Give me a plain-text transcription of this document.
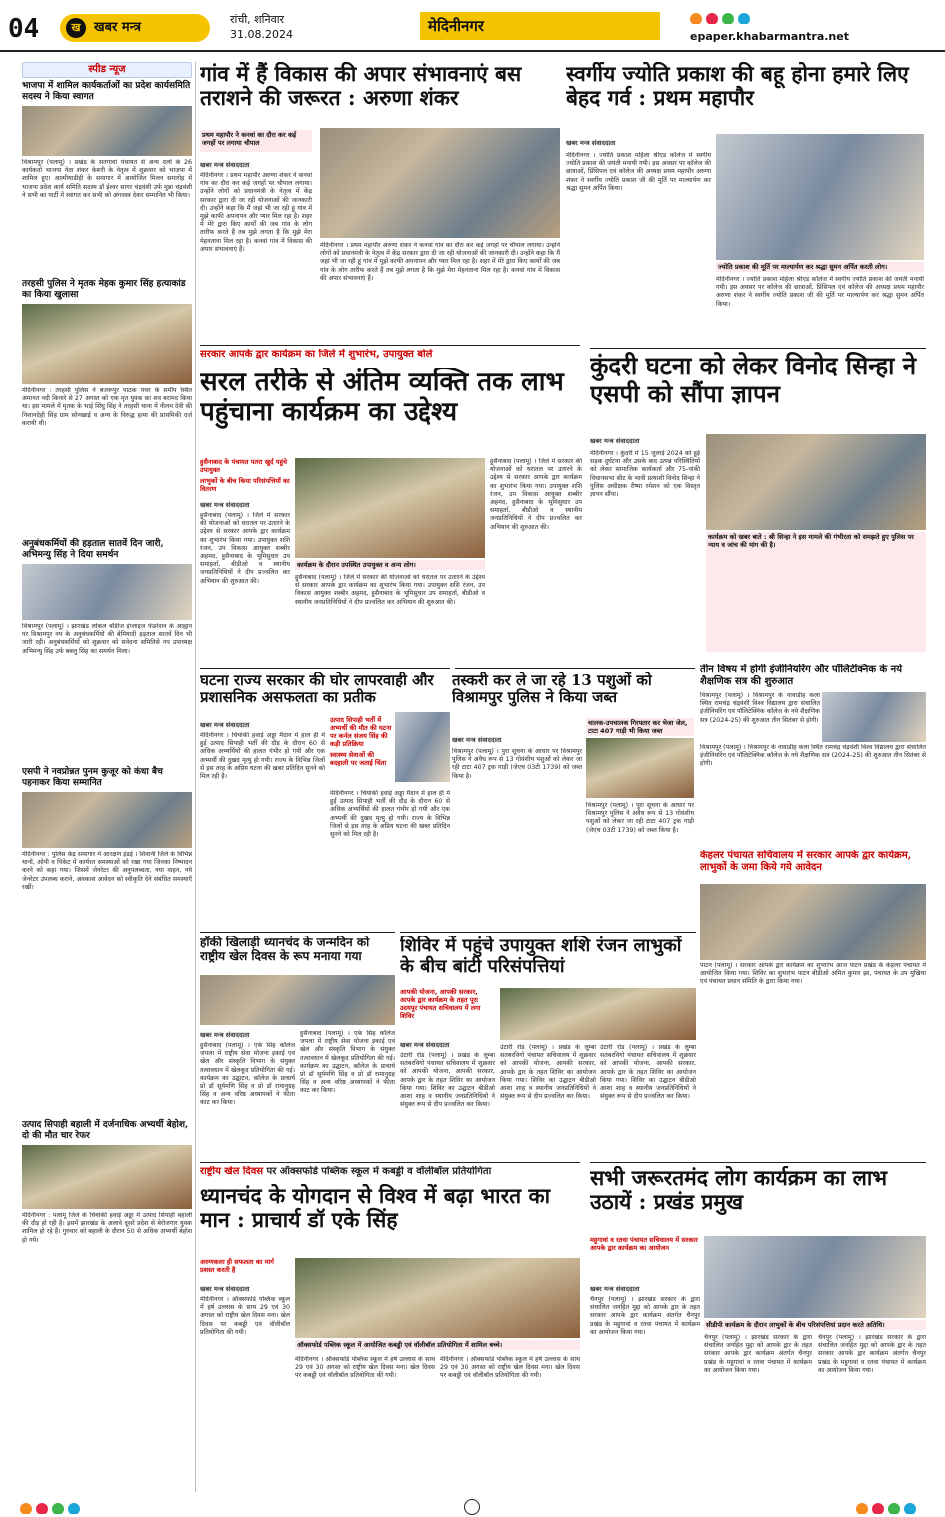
04	ख	खबर मन्त्र
रांची, शनिवार
31.08.2024	मेदिनीनगर
epaper.khabarmantra.net
स्पीड न्यूज
भाजपा में शामिल कार्यकर्ताओं का प्रदेश कार्यसमिति सदस्य ने किया स्वागत
विश्रामपुर (पलामू) । प्रखंड के सतगावां पंचायत से अन्य दलों के 26 कार्यकर्ता भाजपा नेता शंकर केशरी के नेतृत्व में शुक्रवार को भाजपा में शामिल हुए। आत्मीयाडीही के समागार में आयोजित मिलन समारोह में भाजपा प्रदेश कार्य समिति सदस्य डॉ ईश्वर सागर चंद्रवंशी उर्फ मुन्ना चंद्रवंशी ने सभी का पार्टी में स्वागत कर सभी को अंगवस्त्र देकर सम्मानित भी किया।
तरहसी पुलिस ने मृतक मेहक कुमार सिंह हत्याकांड का किया खुलासा
मेदिनीनगर : तरहसी पुलिस ने बजरूपुर पाठक पथर के समीप स्थित अमानत नदी किनारे से 27 अगस्त को एक मृत युवक का शव बरामद किया था। इस मामले में मृतक के भाई सिंधु सिंह ने तरहसी थाना में नीलम देवी की निशानदेही सिंह ग्राम सोनखाई व अन्य के विरुद्ध हत्या की प्राथमिकी दर्ज करायी थी।
अनुबंधकर्मियों की हड़ताल सातवें दिन जारी, अभिमन्यु सिंह ने दिया समर्थन
विश्रामपुर (पलामू) । झारखंड लोकल बॉडीज इंप्लाइज फेडरेशन के आह्वान पर विश्रामपुर नप के अनुबंधकर्मियों की बेमियादी हड़ताल सातवें दिन भी जारी रही। अनुबंधकर्मियों को शुक्रवार को सवेदना समितिसे नप उपाध्यक्ष अभिमन्यु सिंह उर्फ बबलु सिंह का समर्थन मिला।
एसपी ने नवप्रोन्नत पुनम कुजूर को कंधा बैच पहनाकर किया सम्मानित
मेदिनीनगर : पुलिस केंद्र समागार में आरक्षण इंडई । शिवानी जिले के विभिन्न थानों, ओपी व पिकेट में कार्यरत समस्याओं को रखा गया जिनका निष्पादन करने को कहा गया। जिसमें जेनरेटर की अनुपलब्धता, नया वाहन, नये जेनरेटर उपलब्ध कराने, अवकाश आवेदन को स्वीकृति देने संबंधित समस्याएँ रखीं।
उत्पाद सिपाही बहाली में दर्जनाधिक अभ्यर्थी बेहोश, दो की मौत चार रेफर
मेदिनीनगर : पलामू जिले के चियांकी हवाई अड्डा में उत्पाद सिपाही बहाली की दौड़ हो रही है। इसमें झारखंड के अलावे दूसरे प्रदेश से बेरोजगार युवक शामिल हो रहे हैं। गुरुवार को बहाली के दौरान 50 से अधिक अभ्यर्थी बेहोश हो गये।
गांव में हैं विकास की अपार संभावनाएं बस तराशने की जरूरत : अरुणा शंकर
प्रथम महापौर ने कनवां का दौरा कर कई जगहों पर लगाया चौपाल
खबर मन्त्र संवाददाता
मेदिनीनगर । प्रथम महापौर अरुणा शंकर ने कनवां गांव का दौरा कर कई जगहों पर चौपाल लगाया। उन्होंने लोगों को प्रधानमंत्री के नेतृत्व में केंद्र सरकार द्वारा दी जा रही योजनाओं की जानकारी दी। उन्होंने कहा कि मैं जहां भी जा रही हूं गांव में मुझे काफी अपनापन और प्यार मिल रहा है। शहर में मेरे द्वारा किए कार्यों की जब गांव के लोग तारीफ करते हैं तब मुझे लगता है कि मुझे मेरा मेहनताना मिल रहा है। कनवां गांव में विकास की अपार संभावनाएं हैं।
मेदिनीनगर । प्रथम महापौर अरुणा शंकर ने कनवां गांव का दौरा कर कई जगहों पर चौपाल लगाया। उन्होंने लोगों को प्रधानमंत्री के नेतृत्व में केंद्र सरकार द्वारा दी जा रही योजनाओं की जानकारी दी। उन्होंने कहा कि मैं जहां भी जा रही हूं गांव में मुझे काफी अपनापन और प्यार मिल रहा है। शहर में मेरे द्वारा किए कार्यों की जब गांव के लोग तारीफ करते हैं तब मुझे लगता है कि मुझे मेरा मेहनताना मिल रहा है। कनवां गांव में विकास की अपार संभावनाएं हैं।
सरकार आपके द्वार कार्यक्रम का जिले में शुभारंभ, उपायुक्त बोले
सरल तरीके से अंतिम व्यक्ति तक लाभ पहुंचाना कार्यक्रम का उद्देश्य
हुसैनाबाद के पंचायत पतरा खुर्द पहुंचे उपायुक्त
लाभुकों के बीच किया परिसंपत्तियों का वितरण
खबर मन्त्र संवाददाता
हुसैनाबाद (पलामू) । जिले में सरकार की योजनाओं को धरातल पर उतारने के उद्देश्य से सरकार आपके द्वार कार्यक्रम का शुभारंभ किया गया। उपायुक्त शशि रंजन, उप विकास आयुक्त शब्बीर अहमद, हुसैनाबाद के भूमिसुधार उप समाहर्ता, बीडीओ व स्थानीय जनप्रतिनिधियों ने दीप प्रज्वलित कर अभियान की शुरुआत की।
कार्यक्रम के दौरान उपस्थित उपायुक्त व अन्य लोग।
हुसैनाबाद (पलामू) । जिले में सरकार की योजनाओं को धरातल पर उतारने के उद्देश्य से सरकार आपके द्वार कार्यक्रम का शुभारंभ किया गया। उपायुक्त शशि रंजन, उप विकास आयुक्त शब्बीर अहमद, हुसैनाबाद के भूमिसुधार उप समाहर्ता, बीडीओ व स्थानीय जनप्रतिनिधियों ने दीप प्रज्वलित कर अभियान की शुरुआत की।
हुसैनाबाद (पलामू) । जिले में सरकार की योजनाओं को धरातल पर उतारने के उद्देश्य से सरकार आपके द्वार कार्यक्रम का शुभारंभ किया गया। उपायुक्त शशि रंजन, उप विकास आयुक्त शब्बीर अहमद, हुसैनाबाद के भूमिसुधार उप समाहर्ता, बीडीओ व स्थानीय जनप्रतिनिधियों ने दीप प्रज्वलित कर अभियान की शुरुआत की।
घटना राज्य सरकार की घोर लापरवाही और प्रशासनिक असफलता का प्रतीक
खबर मन्त्र संवाददाता
मेदिनीनगर । चियांकी हवाई अड्डा मैदान में हाल ही में हुई उत्पाद सिपाही भर्ती की दौड़ के दौरान 60 से अधिक अभ्यर्थियों की हालत गंभीर हो गयी और एक अभ्यर्थी की दुखद मृत्यु हो गयी। राज्य के विभिन्न जिलों से इस तरह के अप्रिय घटना की खबर प्रतिदिन सुनने को मिल रही है।
उत्पाद सिपाही भर्ती में अभ्यर्थी की मौत की घटना पर कर्नल संजय सिंह की कड़ी प्रतिक्रिया
स्वास्थ्य सेवाओं की बदहाली पर जताई चिंता
मेदिनीनगर । चियांकी हवाई अड्डा मैदान में हाल ही में हुई उत्पाद सिपाही भर्ती की दौड़ के दौरान 60 से अधिक अभ्यर्थियों की हालत गंभीर हो गयी और एक अभ्यर्थी की दुखद मृत्यु हो गयी। राज्य के विभिन्न जिलों से इस तरह के अप्रिय घटना की खबर प्रतिदिन सुनने को मिल रही है।
हॉकी खिलाड़ी ध्यानचंद के जन्मदिन को राष्ट्रीय खेल दिवस के रूप मनाया गया
खबर मन्त्र संवाददाता
हुसैनाबाद (पलामू) । एके सिंह कॉलेज जपला में राष्ट्रीय सेवा योजना इकाई एवं खेल और संस्कृति विभाग के संयुक्त तत्वावधान में खेलकूद प्रतियोगिता की गई। कार्यक्रम का उद्घाटन, कॉलेज के प्राचार्य प्रो डॉ सूर्यमणि सिंह व प्रो डॉ रामानुग्रह सिंह व अन्य वरिष्ठ अध्यापकों ने फीता काट कर किया।
हुसैनाबाद (पलामू) । एके सिंह कॉलेज जपला में राष्ट्रीय सेवा योजना इकाई एवं खेल और संस्कृति विभाग के संयुक्त तत्वावधान में खेलकूद प्रतियोगिता की गई। कार्यक्रम का उद्घाटन, कॉलेज के प्राचार्य प्रो डॉ सूर्यमणि सिंह व प्रो डॉ रामानुग्रह सिंह व अन्य वरिष्ठ अध्यापकों ने फीता काट कर किया।
राष्ट्रीय खेल दिवस पर ऑक्सफोर्ड पब्लिक स्कूल में कबड्डी व वॉलीबॉल प्रतियोगिता
ध्यानचंद के योगदान से विश्व में बढ़ा भारत का मान : प्राचार्य डॉ एके सिंह
अरुणकला ही सफलता का मार्ग प्रशस्त करती है
खबर मन्त्र संवाददाता
मेदिनीनगर । ऑक्सफोर्ड पब्लिक स्कूल में हर्ष उल्लास के साथ 29 एवं 30 अगस्त को राष्ट्रीय खेल दिवस मना। खेल दिवस पर कबड्डी एवं वॉलीबॉल प्रतियोगिता की गयी।
ऑक्सफोर्ड पब्लिक स्कूल में आयोजित कबड्डी एवं वॉलीबॉल प्रतियोगिता में शामिल बच्चे।
मेदिनीनगर । ऑक्सफोर्ड पब्लिक स्कूल में हर्ष उल्लास के साथ 29 एवं 30 अगस्त को राष्ट्रीय खेल दिवस मना। खेल दिवस पर कबड्डी एवं वॉलीबॉल प्रतियोगिता की गयी।
मेदिनीनगर । ऑक्सफोर्ड पब्लिक स्कूल में हर्ष उल्लास के साथ 29 एवं 30 अगस्त को राष्ट्रीय खेल दिवस मना। खेल दिवस पर कबड्डी एवं वॉलीबॉल प्रतियोगिता की गयी।
स्वर्गीय ज्योति प्रकाश की बहू होना हमारे लिए बेहद गर्व : प्रथम महापौर
खबर मन्त्र संवाददाता
मेदिनीनगर । ज्योति प्रकाश महिला श्रीएड कॉलेज में स्वर्गीय ज्योति प्रकाश की जयंती मनायी गयी। इस अवसर पर कॉलेज की छात्राओं, प्रिंसिपल एवं कॉलेज की अध्यक्ष प्रथम महापौर अरुणा शंकर ने स्वर्गीय ज्योति प्रकाश जी की मूर्ति पर माल्यार्पण कर श्रद्धा सुमन अर्पित किया।
ज्योति प्रकाश की मूर्ति पर माल्यार्पण कर श्रद्धा सुमन अर्पित करती लोग।
मेदिनीनगर । ज्योति प्रकाश महिला श्रीएड कॉलेज में स्वर्गीय ज्योति प्रकाश की जयंती मनायी गयी। इस अवसर पर कॉलेज की छात्राओं, प्रिंसिपल एवं कॉलेज की अध्यक्ष प्रथम महापौर अरुणा शंकर ने स्वर्गीय ज्योति प्रकाश जी की मूर्ति पर माल्यार्पण कर श्रद्धा सुमन अर्पित किया।
कुंदरी घटना को लेकर विनोद सिन्हा ने एसपी को सौंपा ज्ञापन
खबर मन्त्र संवाददाता
मेदिनीनगर । कुंदरी में 15 जुलाई 2024 को हुई सड़क दुर्घटना और उसके बाद उत्पन्न परिस्थितियों को लेकर सामाजिक कार्यकर्ता और 75-पांकी विधानसभा सीट के भावी प्रत्याशी विनोद सिन्हा ने पुलिस अधीक्षक रीष्मा रमेशन को एक विस्तृत ज्ञापन सौंपा।
कार्यक्रम को खबर बाते : श्री सिन्हा ने इस मामले की गंभीरता को समझते हुए पुलिस पर न्याय व जांच की मांग की है।
तस्करी कर ले जा रहे 13 पशुओं को विश्रामपुर पुलिस ने किया जब्त
खबर मन्त्र संवाददाता
विश्रामपुर (पलामू) । पुरा सूचना के आधार पर विश्रामपुर पुलिस ने अवैध रूप से 13 गोवंशीय पशुओं को लेकर जा रही टाटा 407 ट्रक गाड़ी (जेएच 03टी 1739) को जब्त किया है।
चालक-उपचालक गिरफ्तार कर भेजा जेल, टाटा 407 गाड़ी भी किया जब्त
विश्रामपुर (पलामू) । पुरा सूचना के आधार पर विश्रामपुर पुलिस ने अवैध रूप से 13 गोवंशीय पशुओं को लेकर जा रही टाटा 407 ट्रक गाड़ी (जेएच 03टी 1739) को जब्त किया है।
तीन विषय में होगी इंजीनियरिंग और पॉलिटेक्निक के नये शैक्षणिक सत्र की शुरुआत
विश्रामपुर (पलामू) । विश्रामपुर के नावाडीह कला स्थित रामचंद्र चंद्रवंशी विश्व विद्यालय द्वारा संचालित इंजीनियरिंग एवं पॉलिटेक्निक कॉलेज के नये शैक्षणिक सत्र (2024-25) की शुरुआत तीन सितंबर से होगी।
विश्रामपुर (पलामू) । विश्रामपुर के नावाडीह कला स्थित रामचंद्र चंद्रवंशी विश्व विद्यालय द्वारा संचालित इंजीनियरिंग एवं पॉलिटेक्निक कॉलेज के नये शैक्षणिक सत्र (2024-25) की शुरुआत तीन सितंबर से होगी।
केहलर पंचायत सचिवालय में सरकार आपके द्वार कार्यक्रम, लाभुकों के जमा किये गये आवेदन
पाटन (पलामू) । सरकार आपके द्वार कार्यक्रम का शुभारंभ आज पाटन प्रखंड के केहलर पंचायत में आयोजित किया गया। शिविर का शुभारंभ पाटन बीडीओ अमित कुमार झा, पंचायत के उप मुखिया एवं पंचायत प्रधान संमिति के द्वारा किया गया।
शिविर में पहुंचे उपायुक्त शशि रंजन लाभुकों के बीच बांटी परिसंपत्तियां
आपकी योजना, आपकी सरकार, आपके द्वार कार्यक्रम के तहत पूरा उदयपुर पंचायत सचिवालय में लगा शिविर
खबर मन्त्र संवाददाता
उंटारी रोड (पलामू) । प्रखंड के लुम्बा सतबरविगो पंचायत सचिवालय में शुक्रवार को आपकी योजना, आपकी सरकार, आपके द्वार के तहत शिविर का आयोजन किया गया। शिविर का उद्घाटन बीडीओ आशा शाह व स्थानीय जनप्रतिनिधियों ने संयुक्त रूप से दीप प्रज्वलित कर किया।
उंटारी रोड (पलामू) । प्रखंड के लुम्बा सतबरविगो पंचायत सचिवालय में शुक्रवार को आपकी योजना, आपकी सरकार, आपके द्वार के तहत शिविर का आयोजन किया गया। शिविर का उद्घाटन बीडीओ आशा शाह व स्थानीय जनप्रतिनिधियों ने संयुक्त रूप से दीप प्रज्वलित कर किया।
उंटारी रोड (पलामू) । प्रखंड के लुम्बा सतबरविगो पंचायत सचिवालय में शुक्रवार को आपकी योजना, आपकी सरकार, आपके द्वार के तहत शिविर का आयोजन किया गया। शिविर का उद्घाटन बीडीओ आशा शाह व स्थानीय जनप्रतिनिधियों ने संयुक्त रूप से दीप प्रज्वलित कर किया।
सभी जरूरतमंद लोग कार्यक्रम का लाभ उठायें : प्रखंड प्रमुख
महुगावां व रतवा पंचायत सचिवालय में सरकार आपके द्वार कार्यक्रम का आयोजन
खबर मन्त्र संवाददाता
चैनपुर (पलामू) । झारखंड सरकार के द्वारा संचालित जनहित मुद्दा को आपके द्वार के तहत सरकार आपके द्वार कार्यक्रम अंतर्गत चैनपुर प्रखंड के महुगावां व रतवा पंचायत में कार्यक्रम का आयोजन किया गया।
सीडीपी कार्यक्रम के दौरान लाभुकों के बीच परिसंपत्तियां प्रदान करते अतिथि।
चैनपुर (पलामू) । झारखंड सरकार के द्वारा संचालित जनहित मुद्दा को आपके द्वार के तहत सरकार आपके द्वार कार्यक्रम अंतर्गत चैनपुर प्रखंड के महुगावां व रतवा पंचायत में कार्यक्रम का आयोजन किया गया।
चैनपुर (पलामू) । झारखंड सरकार के द्वारा संचालित जनहित मुद्दा को आपके द्वार के तहत सरकार आपके द्वार कार्यक्रम अंतर्गत चैनपुर प्रखंड के महुगावां व रतवा पंचायत में कार्यक्रम का आयोजन किया गया।
